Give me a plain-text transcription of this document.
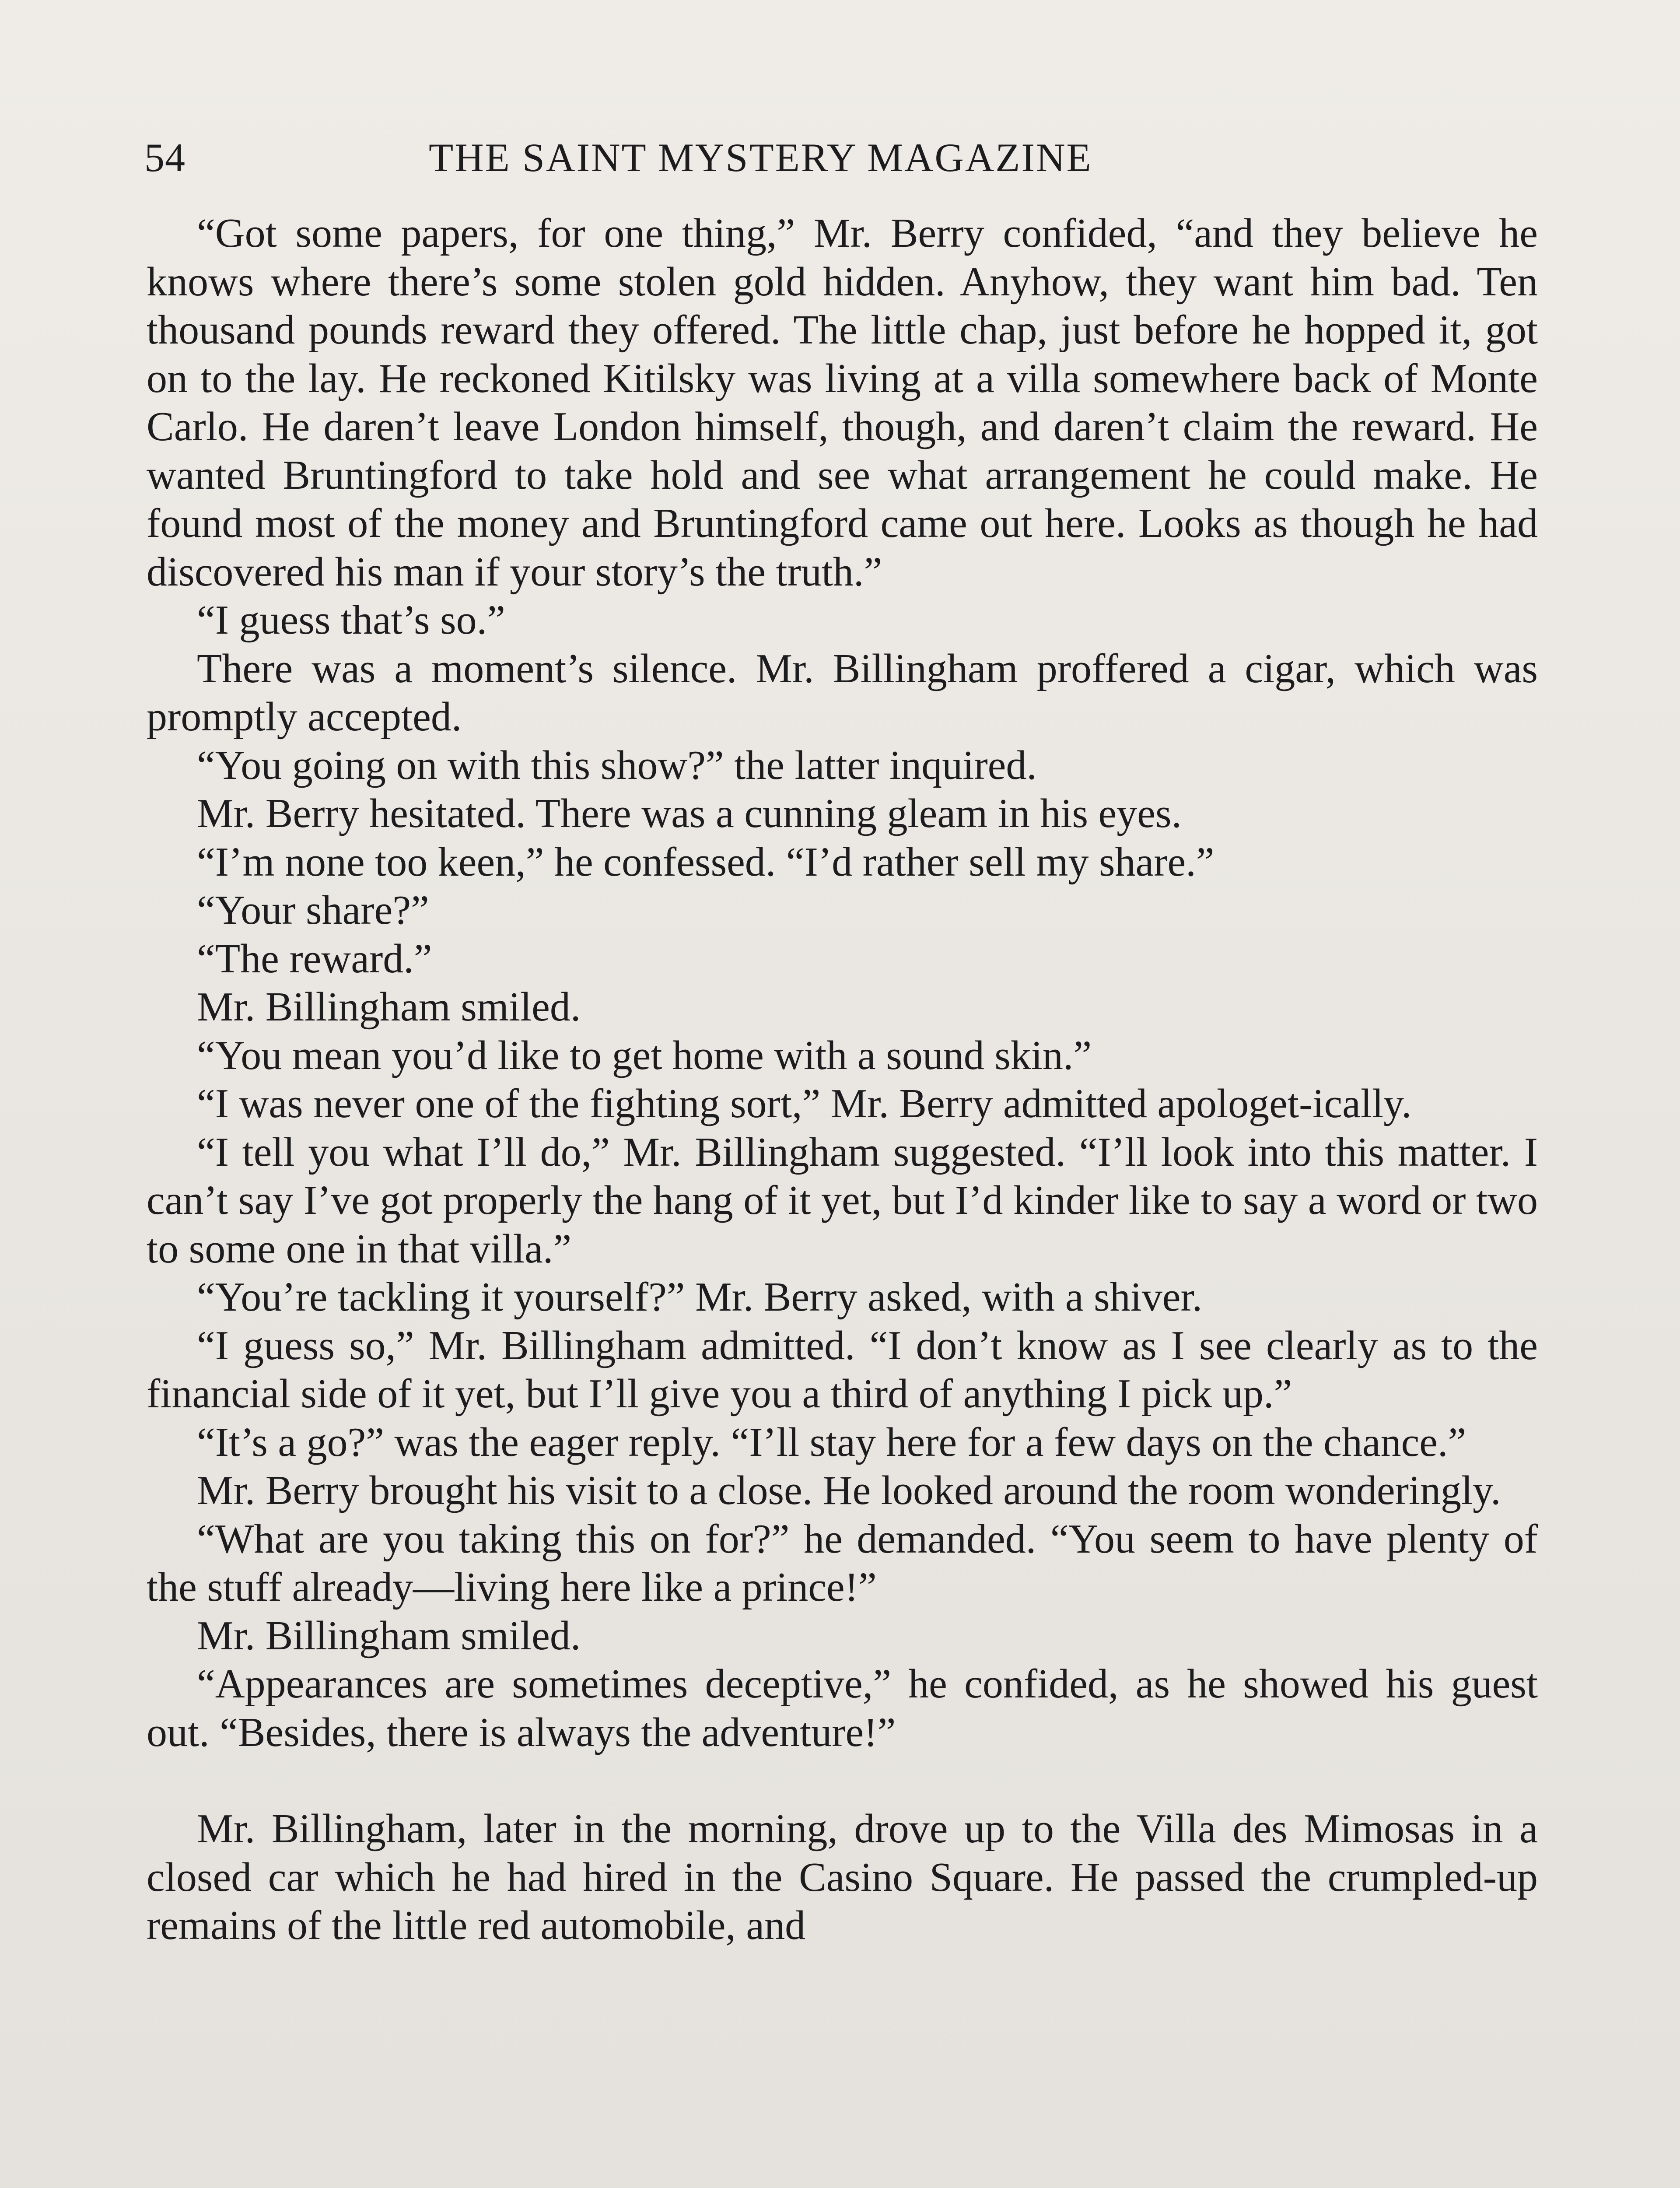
54	THE SAINT MYSTERY MAGAZINE

“Got some papers, for one thing,” Mr. Berry confided, “and they believe he knows where there’s some stolen gold hidden. Anyhow, they want him bad. Ten thousand pounds reward they offered. The little chap, just before he hopped it, got on to the lay. He reckoned Kitilsky was living at a villa somewhere back of Monte Carlo. He daren’t leave London himself, though, and daren’t claim the reward. He wanted Bruntingford to take hold and see what arrangement he could make. He found most of the money and Bruntingford came out here. Looks as though he had discovered his man if your story’s the truth.”

“I guess that’s so.”

There was a moment’s silence. Mr. Billingham proffered a cigar, which was promptly accepted.

“You going on with this show?” the latter inquired.

Mr. Berry hesitated. There was a cunning gleam in his eyes.

“I’m none too keen,” he confessed. “I’d rather sell my share.”

“Your share?”

“The reward.”

Mr. Billingham smiled.

“You mean you’d like to get home with a sound skin.”

“I was never one of the fighting sort,” Mr. Berry admitted apologet-ically.

“I tell you what I’ll do,” Mr. Billingham suggested. “I’ll look into this matter. I can’t say I’ve got properly the hang of it yet, but I’d kinder like to say a word or two to some one in that villa.”

“You’re tackling it yourself?” Mr. Berry asked, with a shiver.

“I guess so,” Mr. Billingham admitted. “I don’t know as I see clearly as to the financial side of it yet, but I’ll give you a third of anything I pick up.”

“It’s a go?” was the eager reply. “I’ll stay here for a few days on the chance.”

Mr. Berry brought his visit to a close. He looked around the room wonderingly.

“What are you taking this on for?” he demanded. “You seem to have plenty of the stuff already—living here like a prince!”

Mr. Billingham smiled.

“Appearances are sometimes deceptive,” he confided, as he showed his guest out. “Besides, there is always the adventure!”

Mr. Billingham, later in the morning, drove up to the Villa des Mimosas in a closed car which he had hired in the Casino Square. He passed the crumpled-up remains of the little red automobile, and
